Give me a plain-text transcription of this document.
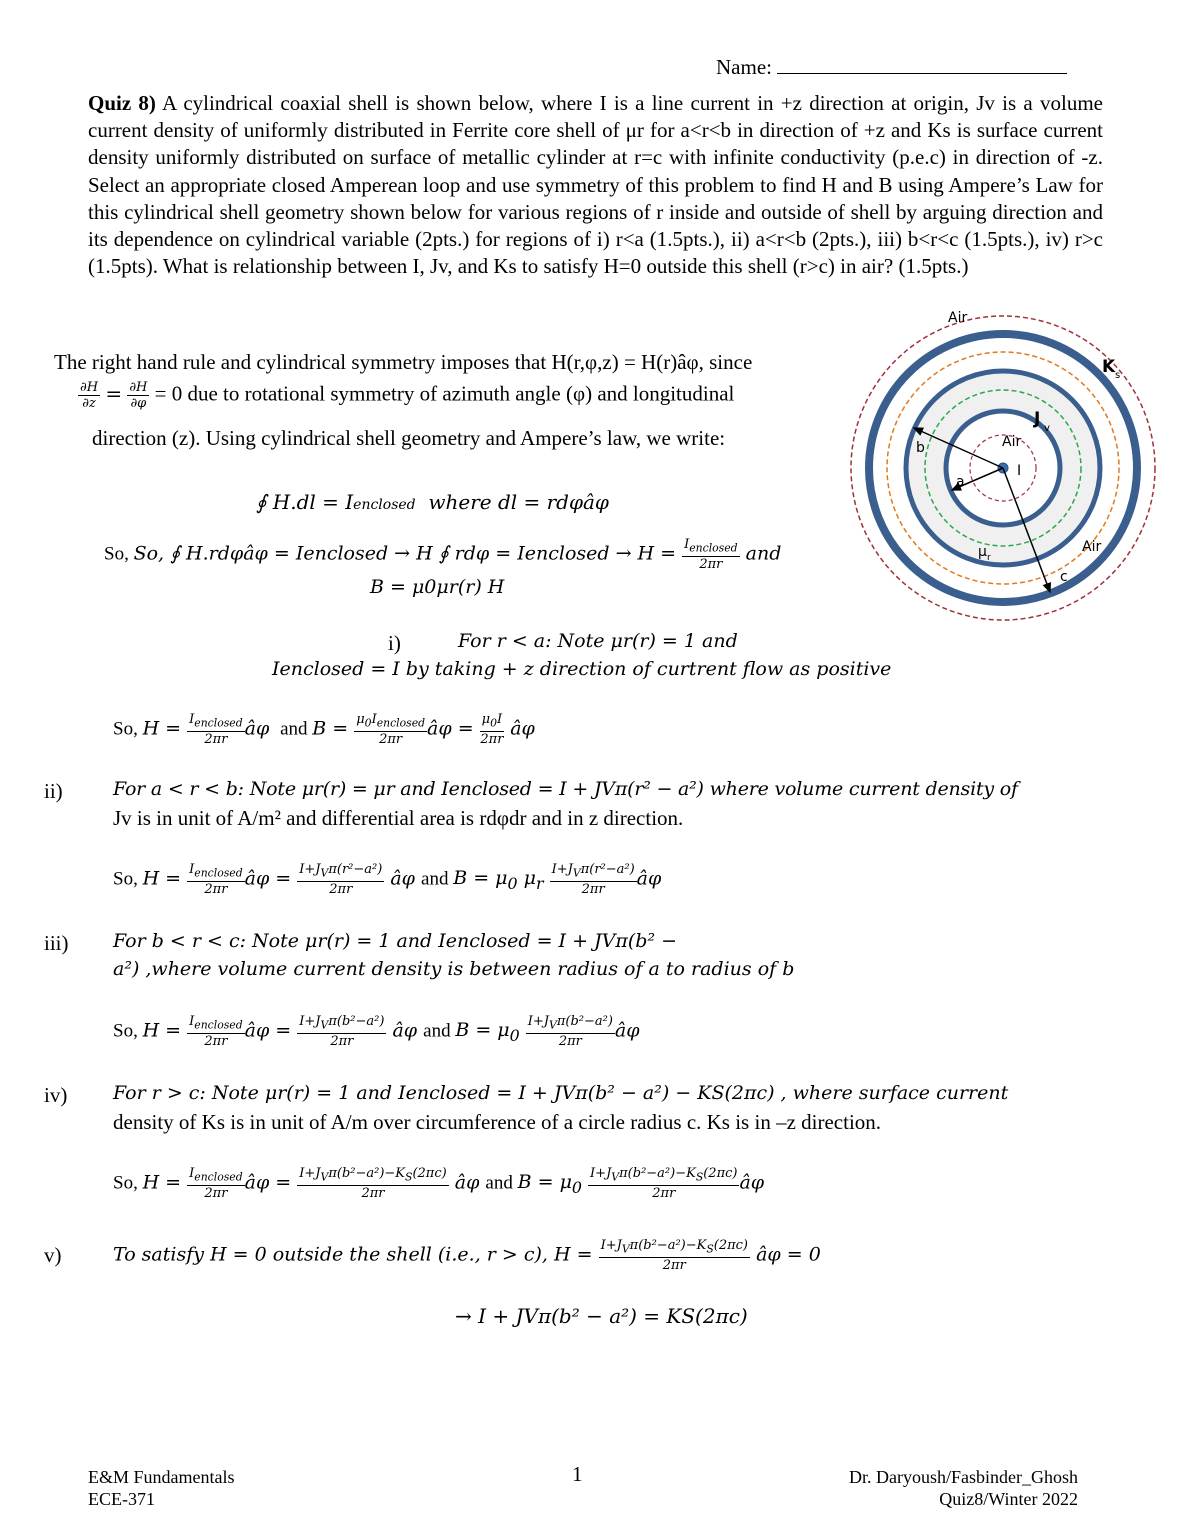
Name:
Quiz 8) A cylindrical coaxial shell is shown below, where I is a line current in +z direction at origin, Jv is a volume current density of uniformly distributed in Ferrite core shell of μr for a<r<b in direction of +z and Ks is surface current density uniformly distributed on surface of metallic cylinder at r=c with infinite conductivity (p.e.c) in direction of -z. Select an appropriate closed Amperean loop and use symmetry of this problem to find H and B using Ampere’s Law for this cylindrical shell geometry shown below for various regions of r inside and outside of shell by arguing direction and its dependence on cylindrical variable (2pts.) for regions of i) r<a (1.5pts.), ii) a<r<b (2pts.), iii) b<r<c (1.5pts.), iv) r>c (1.5pts). What is relationship between I, Jv, and Ks to satisfy H=0 outside this shell (r>c) in air? (1.5pts.)
The right hand rule and cylindrical symmetry imposes that H(r,φ,z) = H(r)âφ, since
$\frac{\partial H}{\partial z} = \frac{\partial H}{\partial\varphi} = 0$ due to rotational symmetry of azimuth angle (φ) and longitudinal
direction (z). Using cylindrical shell geometry and Ampere’s law, we write:
∮ H.dl = Ienclosed where dl = rdφâφ
So, So, ∮ H.rdφâφ = Ienclosed → H ∮ rdφ = Ienclosed → $H = \frac{I_{enclosed}}{2\pi r}$ and
B = μ0μr(r) H
i)	For r < a: Note μr(r) = 1 and
Ienclosed = I by taking + z direction of curtrent flow as positive
So, $H = \frac{I_{enclosed}}{2\pi r}$ âφ  and $B = \frac{\mu_0I_{enclosed}}{2\pi r}$ âφ = $\frac{\mu_0I}{2\pi r}$ âφ
ii)	For a < r < b: Note μr(r) = μr and Ienclosed = I + JVπ(r² − a²) where volume current density of
Jv is in unit of A/m² and differential area is rdφdr and in z direction.
So, $H = \frac{I_{enclosed}}{2\pi r}$ âφ = $\frac{I+J_V\pi(r^2-a^2)}{2\pi r}$ âφ and $B = \mu_0$ $\mu_r \frac{I+J_V\pi(r^2-a^2)}{2\pi r}$ âφ
iii) For b < r < c: Note μr(r) = 1 and Ienclosed = I + JVπ(b² −
a²) ,where volume current density is between radius of a to radius of b
So, $H = \frac{I_{enclosed}}{2\pi r}$ âφ = $\frac{I+J_V\pi(b^2-a^2)}{2\pi r}$ âφ and $B = \mu_0 \frac{I+J_V\pi(b^2-a^2)}{2\pi r}$ âφ
iv) For r > c: Note μr(r) = 1 and Ienclosed = I + JVπ(b² − a²) − KS(2πc) , where surface current
density of Ks is in unit of A/m over circumference of a circle radius c. Ks is in –z direction.
So, $H = \frac{I_{enclosed}}{2\pi r}$ âφ = $\frac{I+J_V\pi(b^2-a^2)-K_S(2\pi c)}{2\pi r}$ âφ and $B = \mu_0 \frac{I+J_V\pi(b^2-a^2)-K_S(2\pi c)}{2\pi r}$ âφ
v)	To satisfy H = 0 outside the shell (i.e., r > c), $H = \frac{I+J_V\pi(b^2-a^2)-K_S(2\pi c)}{2\pi r}$ âφ = 0
→ I + JVπ(b² − a²) = KS(2πc)
Air
K s
J v
Air
b
I
a
μ r
Air
c
E&M Fundamentals
ECE-371
1	Dr. Daryoush/Fasbinder_Ghosh
Quiz8/Winter 2022
